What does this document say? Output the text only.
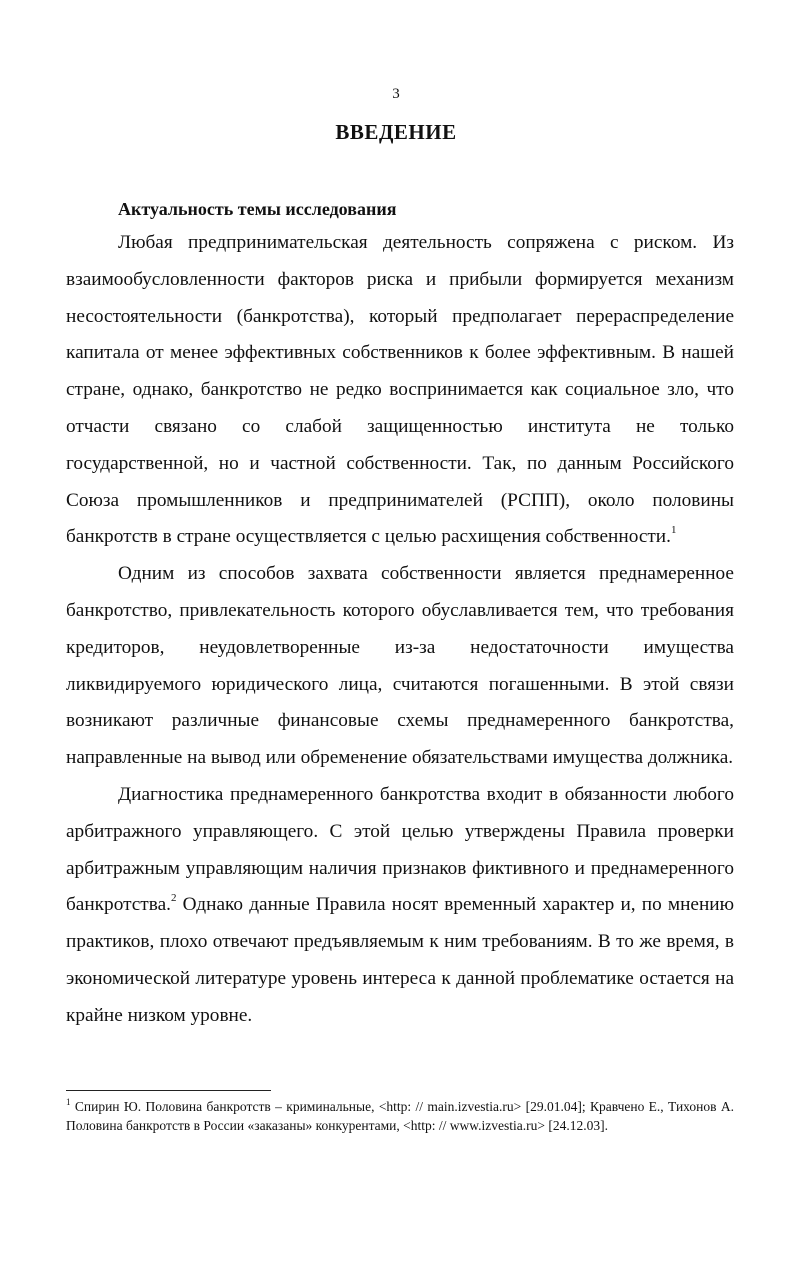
3
ВВЕДЕНИЕ
Актуальность темы исследования

Любая предпринимательская деятельность сопряжена с риском. Из взаимообусловленности факторов риска и прибыли формируется механизм несостоятельности (банкротства), который предполагает перераспределение капитала от менее эффективных собственников к более эффективным. В нашей стране, однако, банкротство не редко воспринимается как социальное зло, что отчасти связано со слабой защищенностью института не только государственной, но и частной собственности. Так, по данным Российского Союза промышленников и предпринимателей (РСПП), около половины банкротств в стране осуществляется с целью расхищения собственности.$^1$

Одним из способов захвата собственности является преднамеренное банкротство, привлекательность которого обуславливается тем, что требования кредиторов, неудовлетворенные из-за недостаточности имущества ликвидируемого юридического лица, считаются погашенными. В этой связи возникают различные финансовые схемы преднамеренного банкротства, направленные на вывод или обременение обязательствами имущества должника.

Диагностика преднамеренного банкротства входит в обязанности любого арбитражного управляющего. С этой целью утверждены Правила проверки арбитражным управляющим наличия признаков фиктивного и преднамеренного банкротства.$^2$ Однако данные Правила носят временный характер и, по мнению практиков, плохо отвечают предъявляемым к ним требованиям. В то же время, в экономической литературе уровень интереса к данной проблематике остается на крайне низком уровне.

$^1$ Спирин Ю. Половина банкротств – криминальные, <http: // main.izvestia.ru> [29.01.04]; Кравчено Е., Тихонов А. Половина банкротств в России «заказаны» конкурентами, <http: // www.izvestia.ru> [24.12.03].
